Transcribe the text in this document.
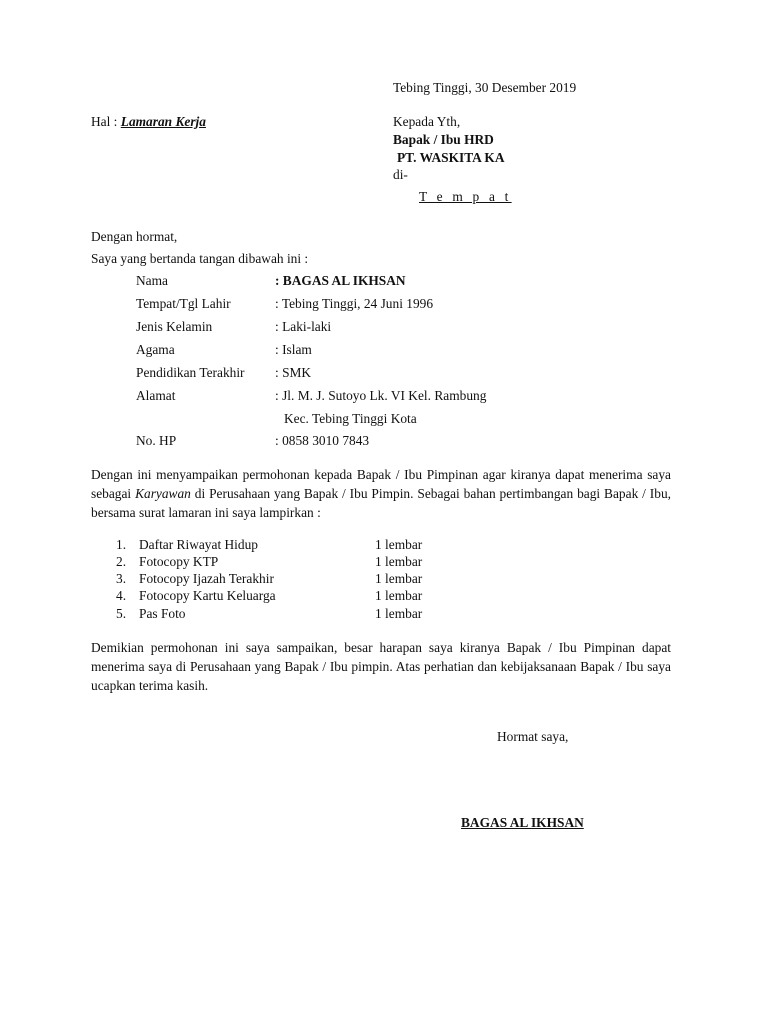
Tebing Tinggi, 30 Desember 2019
Hal : Lamaran Kerja	Kepada Yth,
Bapak / Ibu HRD
PT. WASKITA KA
di-
T e m p a t
Dengan hormat,
Saya yang bertanda tangan dibawah ini :
Nama	: BAGAS AL IKHSAN
Tempat/Tgl Lahir	: Tebing Tinggi, 24 Juni 1996
Jenis Kelamin	: Laki-laki
Agama	: Islam
Pendidikan Terakhir : SMK
Alamat	: Jl. M. J. Sutoyo Lk. VI Kel. Rambung
Kec. Tebing Tinggi Kota
No. HP	: 0858 3010 7843
Dengan ini menyampaikan permohonan kepada Bapak / Ibu Pimpinan agar kiranya dapat menerima saya sebagai Karyawan di Perusahaan yang Bapak / Ibu Pimpin. Sebagai bahan pertimbangan bagi Bapak / Ibu, bersama surat lamaran ini saya lampirkan :
1. Daftar Riwayat Hidup	1 lembar
2. Fotocopy KTP	1 lembar
3. Fotocopy Ijazah Terakhir	1 lembar
4. Fotocopy Kartu Keluarga	1 lembar
5. Pas Foto	1 lembar
Demikian permohonan ini saya sampaikan, besar harapan saya kiranya Bapak / Ibu Pimpinan dapat menerima saya di Perusahaan yang Bapak / Ibu pimpin. Atas perhatian dan kebijaksanaan Bapak / Ibu saya ucapkan terima kasih.
Hormat saya,
BAGAS AL IKHSAN
